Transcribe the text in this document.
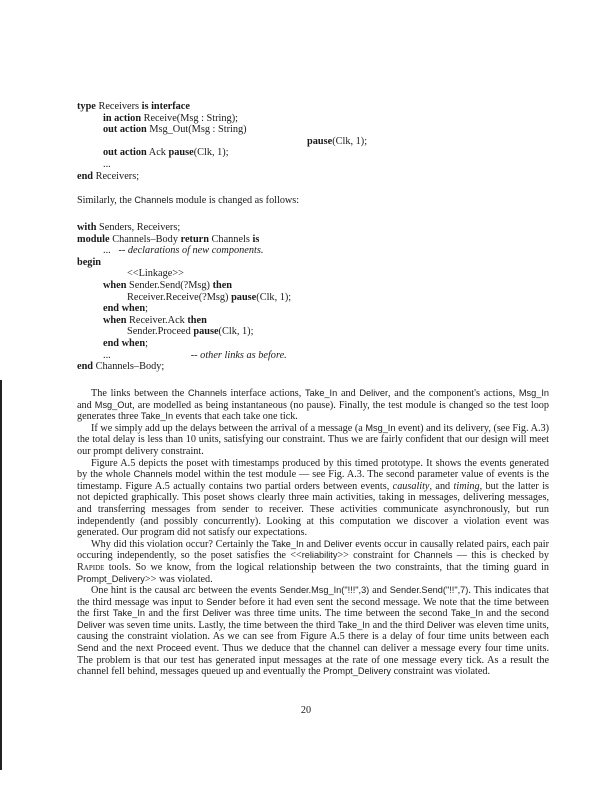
type Receivers is interface
in action Receive(Msg : String);
out action Msg_Out(Msg : String)
pause(Clk, 1);
out action Ack pause(Clk, 1);
...
end Receivers;
Similarly, the Channels module is changed as follows:
with Senders, Receivers;
module Channels–Body return Channels is
...   -- declarations of new components.
begin
<<Linkage>>
when Sender.Send(?Msg) then
Receiver.Receive(?Msg) pause(Clk, 1);
end when;
when Receiver.Ack then
Sender.Proceed pause(Clk, 1);
end when;
...	-- other links as before.
end Channels–Body;

The links between the Channels interface actions, Take_In and Deliver, and the component's actions, Msg_In and Msg_Out, are modelled as being instantaneous (no pause). Finally, the test module is changed so the test loop generates three Take_In events that each take one tick.

If we simply add up the delays between the arrival of a message (a Msg_In event) and its delivery, (see Fig. A.3) the total delay is less than 10 units, satisfying our constraint. Thus we are fairly confident that our design will meet our prompt delivery constraint.

Figure A.5 depicts the poset with timestamps produced by this timed prototype. It shows the events generated by the whole Channels model within the test module — see Fig. A.3. The second parameter value of events is the timestamp. Figure A.5 actually contains two partial orders between events, causality, and timing, but the latter is not depicted graphically. This poset shows clearly three main activities, taking in messages, delivering messages, and transferring messages from sender to receiver. These activities communicate asynchronously, but run independently (and possibly concurrently). Looking at this computation we discover a violation event was generated. Our program did not satisfy our expectations.

Why did this violation occur? Certainly the Take_In and Deliver events occur in causally related pairs, each pair occuring independently, so the poset satisfies the <<reliability>> constraint for Channels — this is checked by Rapide tools. So we know, from the logical relationship between the two constraints, that the timing guard in Prompt_Delivery>> was violated.

One hint is the causal arc between the events Sender.Msg_In("!!!",3) and Sender.Send("!!",7). This indicates that the third message was input to Sender before it had even sent the second message. We note that the time between the first Take_In and the first Deliver was three time units. The time between the second Take_In and the second Deliver was seven time units. Lastly, the time between the third Take_In and the third Deliver was eleven time units, causing the constraint violation. As we can see from Figure A.5 there is a delay of four time units between each Send and the next Proceed event. Thus we deduce that the channel can deliver a message every four time units. The problem is that our test has generated input messages at the rate of one message every tick. As a result the channel fell behind, messages queued up and eventually the Prompt_Delivery constraint was violated.

20
